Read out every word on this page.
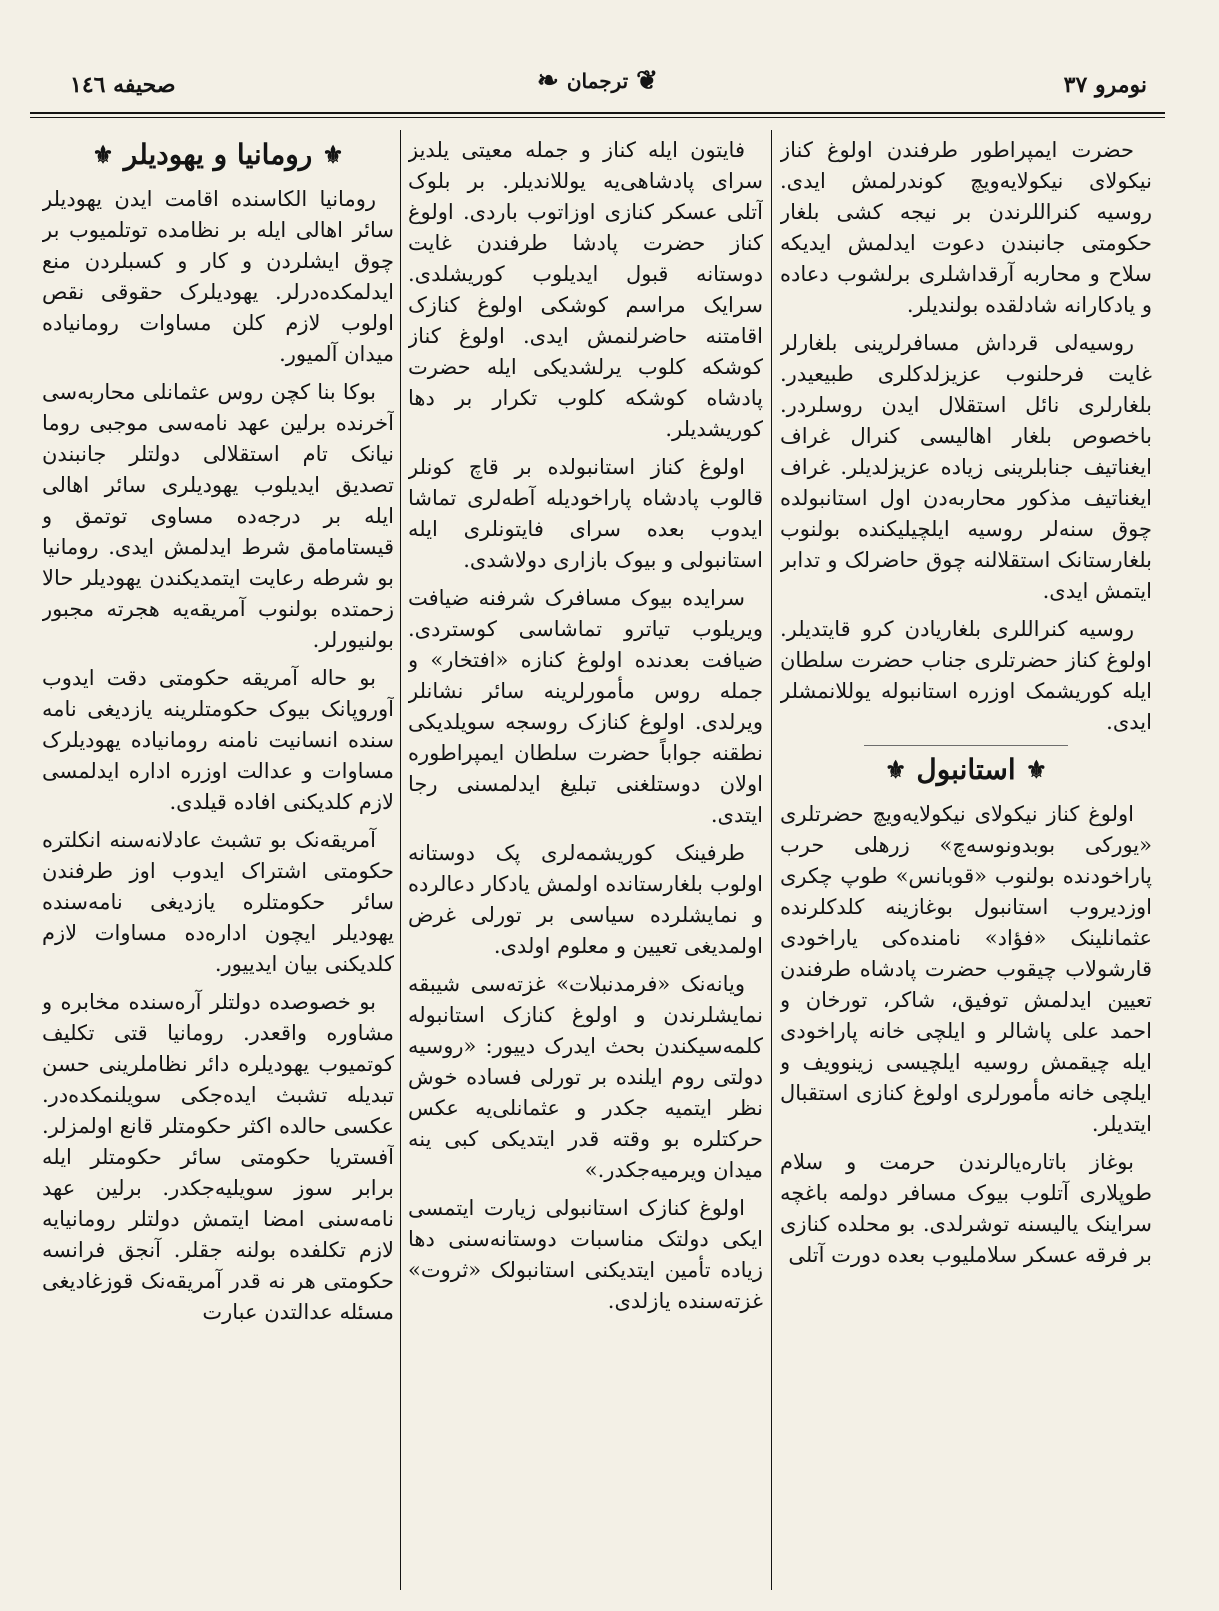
نومرو ٣٧
❦
ترجمان
❧
صحیفه ١٤٦

حضرت ایمپراطور طرفندن اولوغ کناز نیکولای نیکولایه‌ویچ کوندرلمش ایدی. روسیه کنراللرندن بر نیجه کشی بلغار حکومتی جانبندن دعوت ایدلمش ایدیکه سلاح و محاربه آرقداشلری برلشوب دعاده و یادکارانه شادلقده بولندیلر.

روسیه‌لی قرداش مسافرلرینی بلغارلر غایت فرحلنوب عزیزلدکلری طبیعیدر. بلغارلری نائل استقلال ایدن روسلردر. باخصوص بلغار اهالیسی کنرال غراف ایغناتیف جنابلرینی زیاده عزیزلدیلر. غراف ایغناتیف مذکور محاربه‌دن اول استانبولده چوق سنه‌لر روسیه ایلچیلیکنده بولنوب بلغارستانک استقلالنه چوق حاضرلک و تدابر ایتمش ایدی.

روسیه کنراللری بلغاریادن کرو قایتدیلر. اولوغ کناز حضرتلری جناب حضرت سلطان ایله کوریشمک اوزره استانبوله یوللانمشلر ایدی.

⚜
استانبول
⚜

اولوغ کناز نیکولای نیکولایه‌ویچ حضرتلری «یورکی بوبدونوسه‌چ» زرهلی حرب پاراخودنده بولنوب «قوبانس» طوپ چکری اوزدیروب استانبول بوغازینه کلدکلرنده عثمانلینک «فؤاد» نامنده‌کی یاراخودی قارشولاب چیقوب حضرت پادشاه طرفندن تعیین ایدلمش توفیق، شاکر، تورخان و احمد علی پاشالر و ایلچی خانه پاراخودی ایله چیقمش روسیه ایلچیسی زینوویف و ایلچی خانه مأمورلری اولوغ کنازی استقبال ایتدیلر.

بوغاز باتاره‌یالرندن حرمت و سلام طوپلاری آتلوب بیوک مسافر دولمه باغچه سراینک یالیسنه توشرلدی. بو محلده کنازی بر فرقه عسکر سلاملیوب بعده دورت آتلی

فایتون ایله کناز و جمله معیتی یلدیز سرای پادشاهی‌یه یوللاندیلر. بر بلوک آتلی عسکر کنازی اوزاتوب باردی. اولوغ کناز حضرت پادشا طرفندن غایت دوستانه قبول ایدیلوب کوریشلدی. سرایک مراسم کوشکی اولوغ کنازک اقامتنه حاضرلنمش ایدی. اولوغ کناز کوشکه کلوب یرلشدیکی ایله حضرت پادشاه کوشکه کلوب تکرار بر دها کوریشدیلر.

اولوغ کناز استانبولده بر قاچ کونلر قالوب پادشاه پاراخودیله آطه‌لری تماشا ایدوب بعده سرای فایتونلری ایله استانبولی و بیوک بازاری دولاشدی.

سرایده بیوک مسافرک شرفنه ضیافت ویریلوب تیاترو تماشاسی کوستردی. ضیافت بعدنده اولوغ کنازه «افتخار» و جمله روس مأمورلرینه سائر نشانلر ویرلدی. اولوغ کنازک روسجه سویلدیکی نطقنه جواباً حضرت سلطان ایمپراطوره اولان دوستلغنی تبلیغ ایدلمسنی رجا ایتدی.

طرفینک کوریشمه‌لری پک دوستانه اولوب بلغارستانده اولمش یادکار دعالرده و نمایشلرده سیاسی بر تورلی غرض اولمدیغی تعیین و معلوم اولدی.

ویانه‌نک «فرمدنبلات» غزته‌سی شیبقه نمایشلرندن و اولوغ کنازک استانبوله کلمه‌سیکندن بحث ایدرک دییور: «روسیه دولتی روم ایلنده بر تورلی فساده خوش نظر ایتمیه جکدر و عثمانلی‌یه عکس حرکتلره بو وقته قدر ایتدیکی کبی ینه میدان ویرمیه‌جکدر.»

اولوغ کنازک استانبولی زیارت ایتمسی ایکی دولتک مناسبات دوستانه‌سنی دها زیاده تأمین ایتدیکنی استانبولک «ثروت» غزته‌سنده یازلدی.

⚜
رومانیا و یهودیلر
⚜

رومانیا الکاسنده اقامت ایدن یهودیلر سائر اهالی ایله بر نظامده توتلمیوب بر چوق ایشلردن و کار و کسبلردن منع ایدلمکده‌درلر. یهودیلرک حقوقی نقص اولوب لازم کلن مساوات رومانیاده میدان آلمیور.

بوکا بنا کچن روس عثمانلی محاربه‌سی آخرنده برلین عهد نامه‌سی موجبی روما نیانک تام استقلالی دولتلر جانبندن تصدیق ایدیلوب یهودیلری سائر اهالی ایله بر درجه‌ده مساوی توتمق و قیستامامق شرط ایدلمش ایدی. رومانیا بو شرطه رعایت ایتمدیکندن یهودیلر حالا زحمتده بولنوب آمریقه‌یه هجرته مجبور بولنیورلر.

بو حاله آمریقه حکومتی دقت ایدوب آوروپانک بیوک حکومتلرینه یازدیغی نامه سنده انسانیت نامنه رومانیاده یهودیلرک مساوات و عدالت اوزره اداره ایدلمسی لازم کلدیکنی افاده قیلدی.

آمریقه‌نک بو تشبث عادلانه‌سنه انکلتره حکومتی اشتراک ایدوب اوز طرفندن سائر حکومتلره یازدیغی نامه‌سنده یهودیلر ایچون اداره‌ده مساوات لازم کلدیکنی بیان ایدییور.

بو خصوصده دولتلر آره‌سنده مخابره و مشاوره واقعدر. رومانیا قتی تکلیف کوتمیوب یهودیلره دائر نظاملرینی حسن تبدیله تشبث ایده‌جکی سویلنمکده‌در. عکسی حالده اکثر حکومتلر قانع اولمزلر. آفستریا حکومتی سائر حکومتلر ایله برابر سوز سویلیه‌جکدر. برلین عهد نامه‌سنی امضا ایتمش دولتلر رومانیایه لازم تکلفده بولنه جقلر. آنجق فرانسه حکومتی هر نه قدر آمریقه‌نک قوزغادیغی مسئله عدالتدن عبارت
